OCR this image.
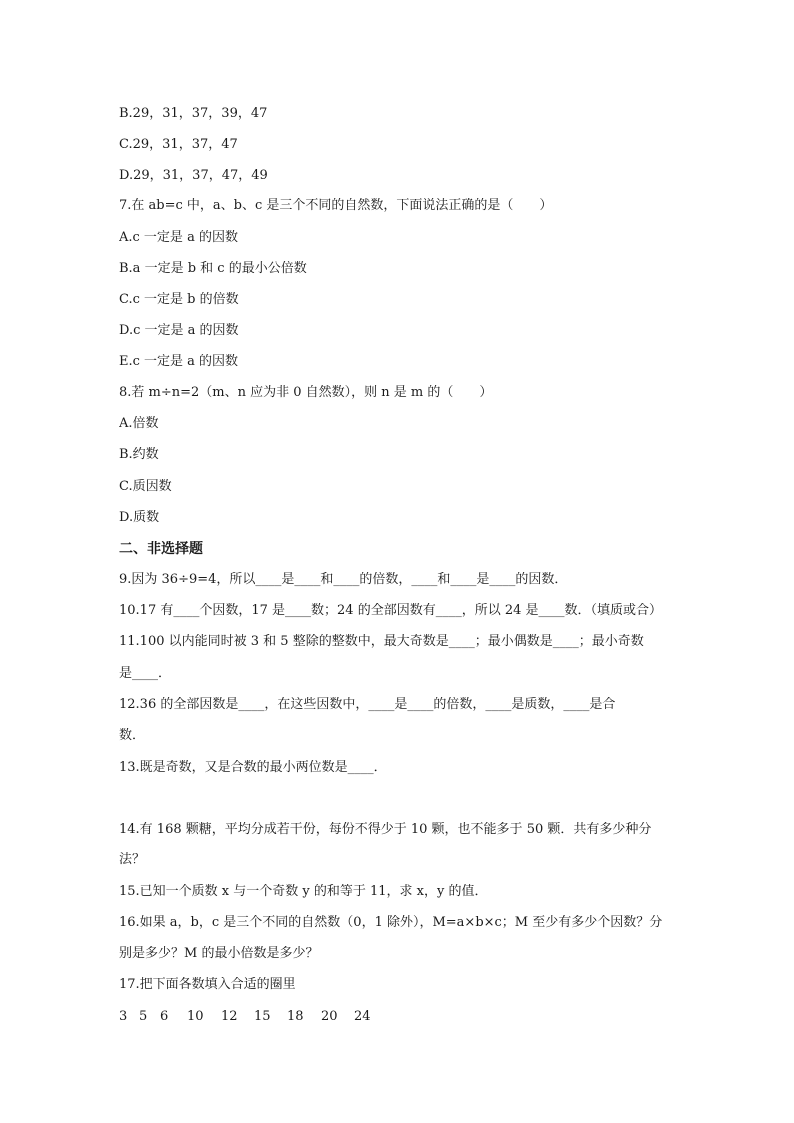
B.29，31，37，39，47
C.29，31，37，47
D.29，31，37，47，49
7.在 ab=c 中，a、b、c 是三个不同的自然数，下面说法正确的是（　　）
A.c 一定是 a 的因数
B.a 一定是 b 和 c 的最小公倍数
C.c 一定是 b 的倍数
D.c 一定是 a 的因数
E.c 一定是 a 的因数
8.若 m÷n=2（m、n 应为非 0 自然数），则 n 是 m 的（　　）
A.倍数
B.约数
C.质因数
D.质数
二、非选择题
9.因为 36÷9=4，所以____是____和____的倍数，____和____是____的因数．
10.17 有____个因数，17 是____数；24 的全部因数有____，所以 24 是____数．（填质或合）
11.100 以内能同时被 3 和 5 整除的整数中，最大奇数是____；最小偶数是____；最小奇数
是____．
12.36 的全部因数是____，在这些因数中，____是____的倍数，____是质数，____是合
数．
13.既是奇数，又是合数的最小两位数是____．
14.有 168 颗糖，平均分成若干份，每份不得少于 10 颗，也不能多于 50 颗．共有多少种分
法？
15.已知一个质数 x 与一个奇数 y 的和等于 11，求 x，y 的值．
16.如果 a，b，c 是三个不同的自然数（0，1 除外），M=a×b×c；M 至少有多少个因数？分
别是多少？M 的最小倍数是多少？
17.把下面各数填入合适的圈里
3 5 6 10 12 15 18 20 24
